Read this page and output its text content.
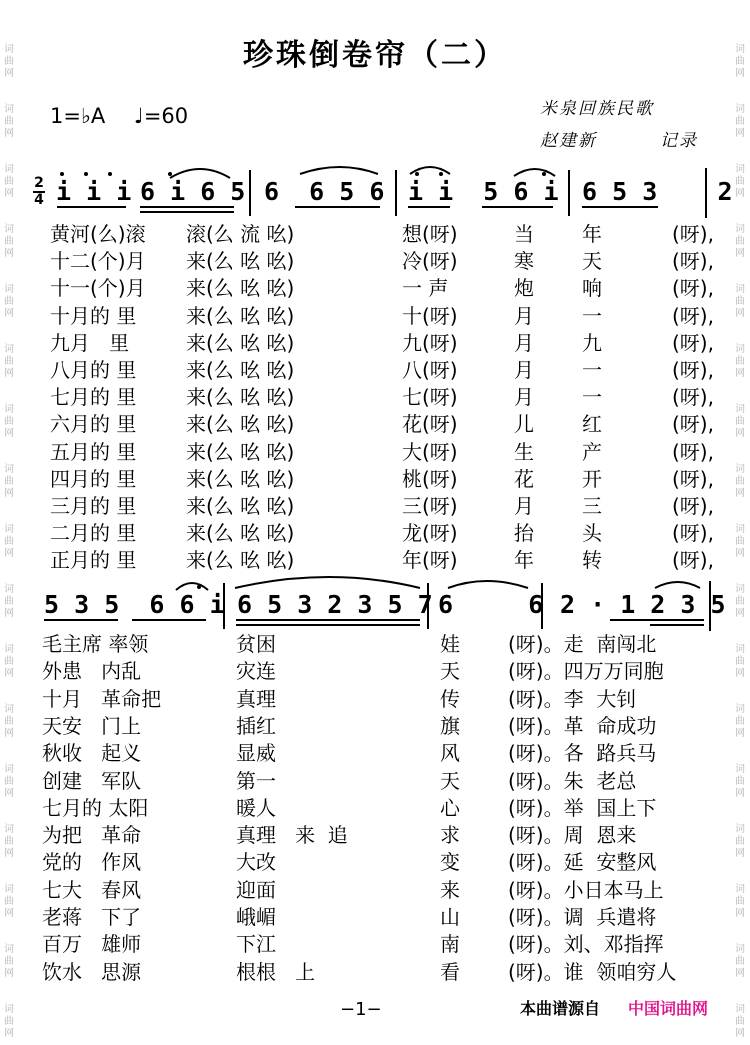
词
曲
网
词
曲
网
词
曲
网
词
曲
网
词
曲
网
词
曲
网
词
曲
网
词
曲
网
词
曲
网
词
曲
网
词
曲
网
词
曲
网
词
曲
网
词
曲
网
词
曲
网
词
曲
网
词
曲
网
词
曲
网
词
曲
网
词
曲
网
词
曲
网
词
曲
网
词
曲
网
词
曲
网
词
曲
网
词
曲
网
词
曲
网
词
曲
网
词
曲
网
词
曲
网
词
曲
网
词
曲
网
词
曲
网
词
曲
网
珍珠倒卷帘（二）
1=♭A ♩=60	米泉回族民歌
赵建新	记录
2
4 i i i 6 i 6 5 6  6 5 6 i i  5 6 i 6 5 3    2
5 3 5  6 6 i 6 5 3 2 3 5 7 6     6 2 · 1 2 3 5
黄河(么)滚 滚(么 流 吆)	想(呀)	当 年	(呀),
十二(个)月 来(么 吆 吆)	冷(呀)	寒 天	(呀),
十一(个)月 来(么 吆 吆)	一 声	炮 响	(呀),
十月的 里 来(么 吆 吆)	十(呀)	月 一	(呀),
九月   里	来(么 吆 吆)	九(呀)	月 九	(呀),
八月的 里 来(么 吆 吆)	八(呀)	月 一	(呀),
七月的 里 来(么 吆 吆)	七(呀)	月 一	(呀),
六月的 里 来(么 吆 吆)	花(呀)	儿 红	(呀),
五月的 里 来(么 吆 吆)	大(呀)	生 产	(呀),
四月的 里 来(么 吆 吆)	桃(呀)	花 开	(呀),
三月的 里 来(么 吆 吆)	三(呀)	月 三	(呀),
二月的 里 来(么 吆 吆)	龙(呀)	抬 头	(呀),
正月的 里 来(么 吆 吆)	年(呀)	年 转	(呀),
毛主席 率领	贫困	娃 (呀)。走  南闯北
外患   内乱	灾连	天 (呀)。四万万同胞
十月   革命把	真理	传 (呀)。李  大钊
天安   门上	插红	旗 (呀)。革  命成功
秋收   起义	显威	风 (呀)。各  路兵马
创建   军队	第一	天 (呀)。朱  老总
七月的 太阳	暖人	心 (呀)。举  国上下
为把   革命	真理   来  追	求 (呀)。周  恩来
党的   作风	大改	变 (呀)。延  安整风
七大   春风	迎面	来 (呀)。小日本马上
老蒋   下了	峨嵋	山 (呀)。调  兵遣将
百万   雄师	下江	南 (呀)。刘、邓指挥
饮水   思源	根根   上	看 (呀)。谁  领咱穷人
−1−	本曲谱源自 中国词曲网
